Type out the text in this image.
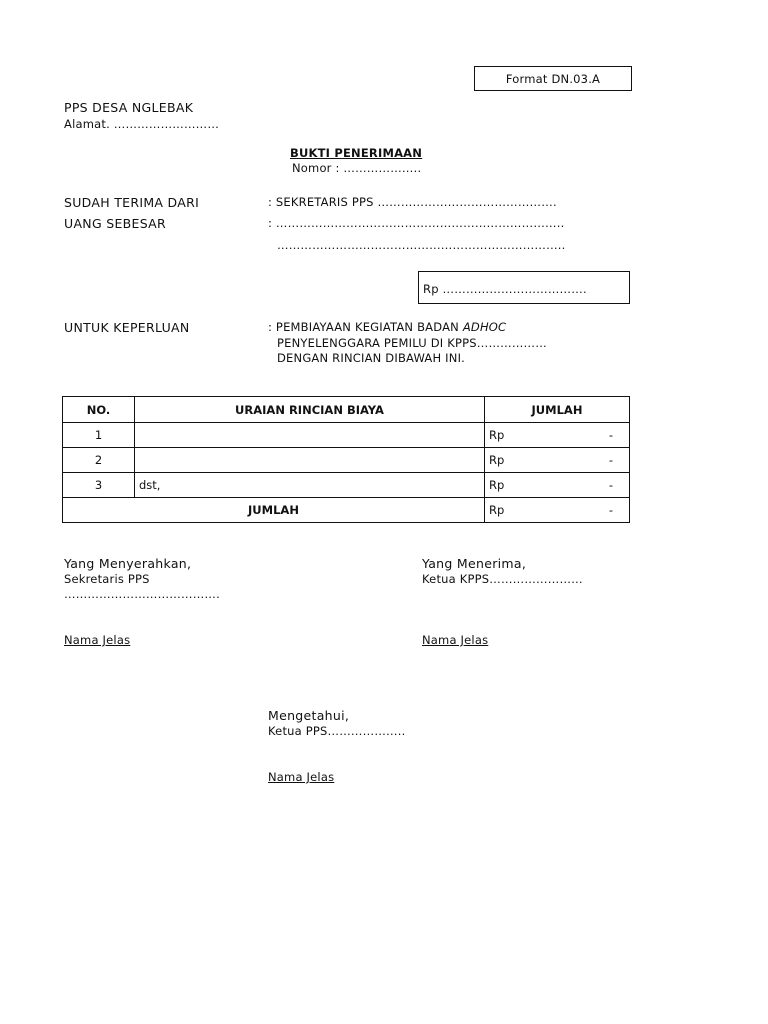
Format DN.03.A
PPS DESA NGLEBAK
Alamat. ………………………
BUKTI PENERIMAAN
Nomor : ………………..
SUDAH TERIMA DARI	: SEKRETARIS PPS ……………………………………….
UANG SEBESAR	: ………………………………………………………………..
………………………………………………………………..
Rp ……………………………….
UNTUK KEPERLUAN	: PEMBIAYAAN KEGIATAN BADAN ADHOC
PENYELENGGARA PEMILU DI KPPS………………
DENGAN RINCIAN DIBAWAH INI.
NO.	URAIAN RINCIAN BIAYA	JUMLAH
1		Rp -

2		Rp -

3	dst,	Rp -

JUMLAH		Rp -
Yang Menyerahkan,
Sekretaris PPS
………………………………….
Nama Jelas
Yang Menerima,
Ketua KPPS……………………
Nama Jelas
Mengetahui,
Ketua PPS………………..
Nama Jelas
